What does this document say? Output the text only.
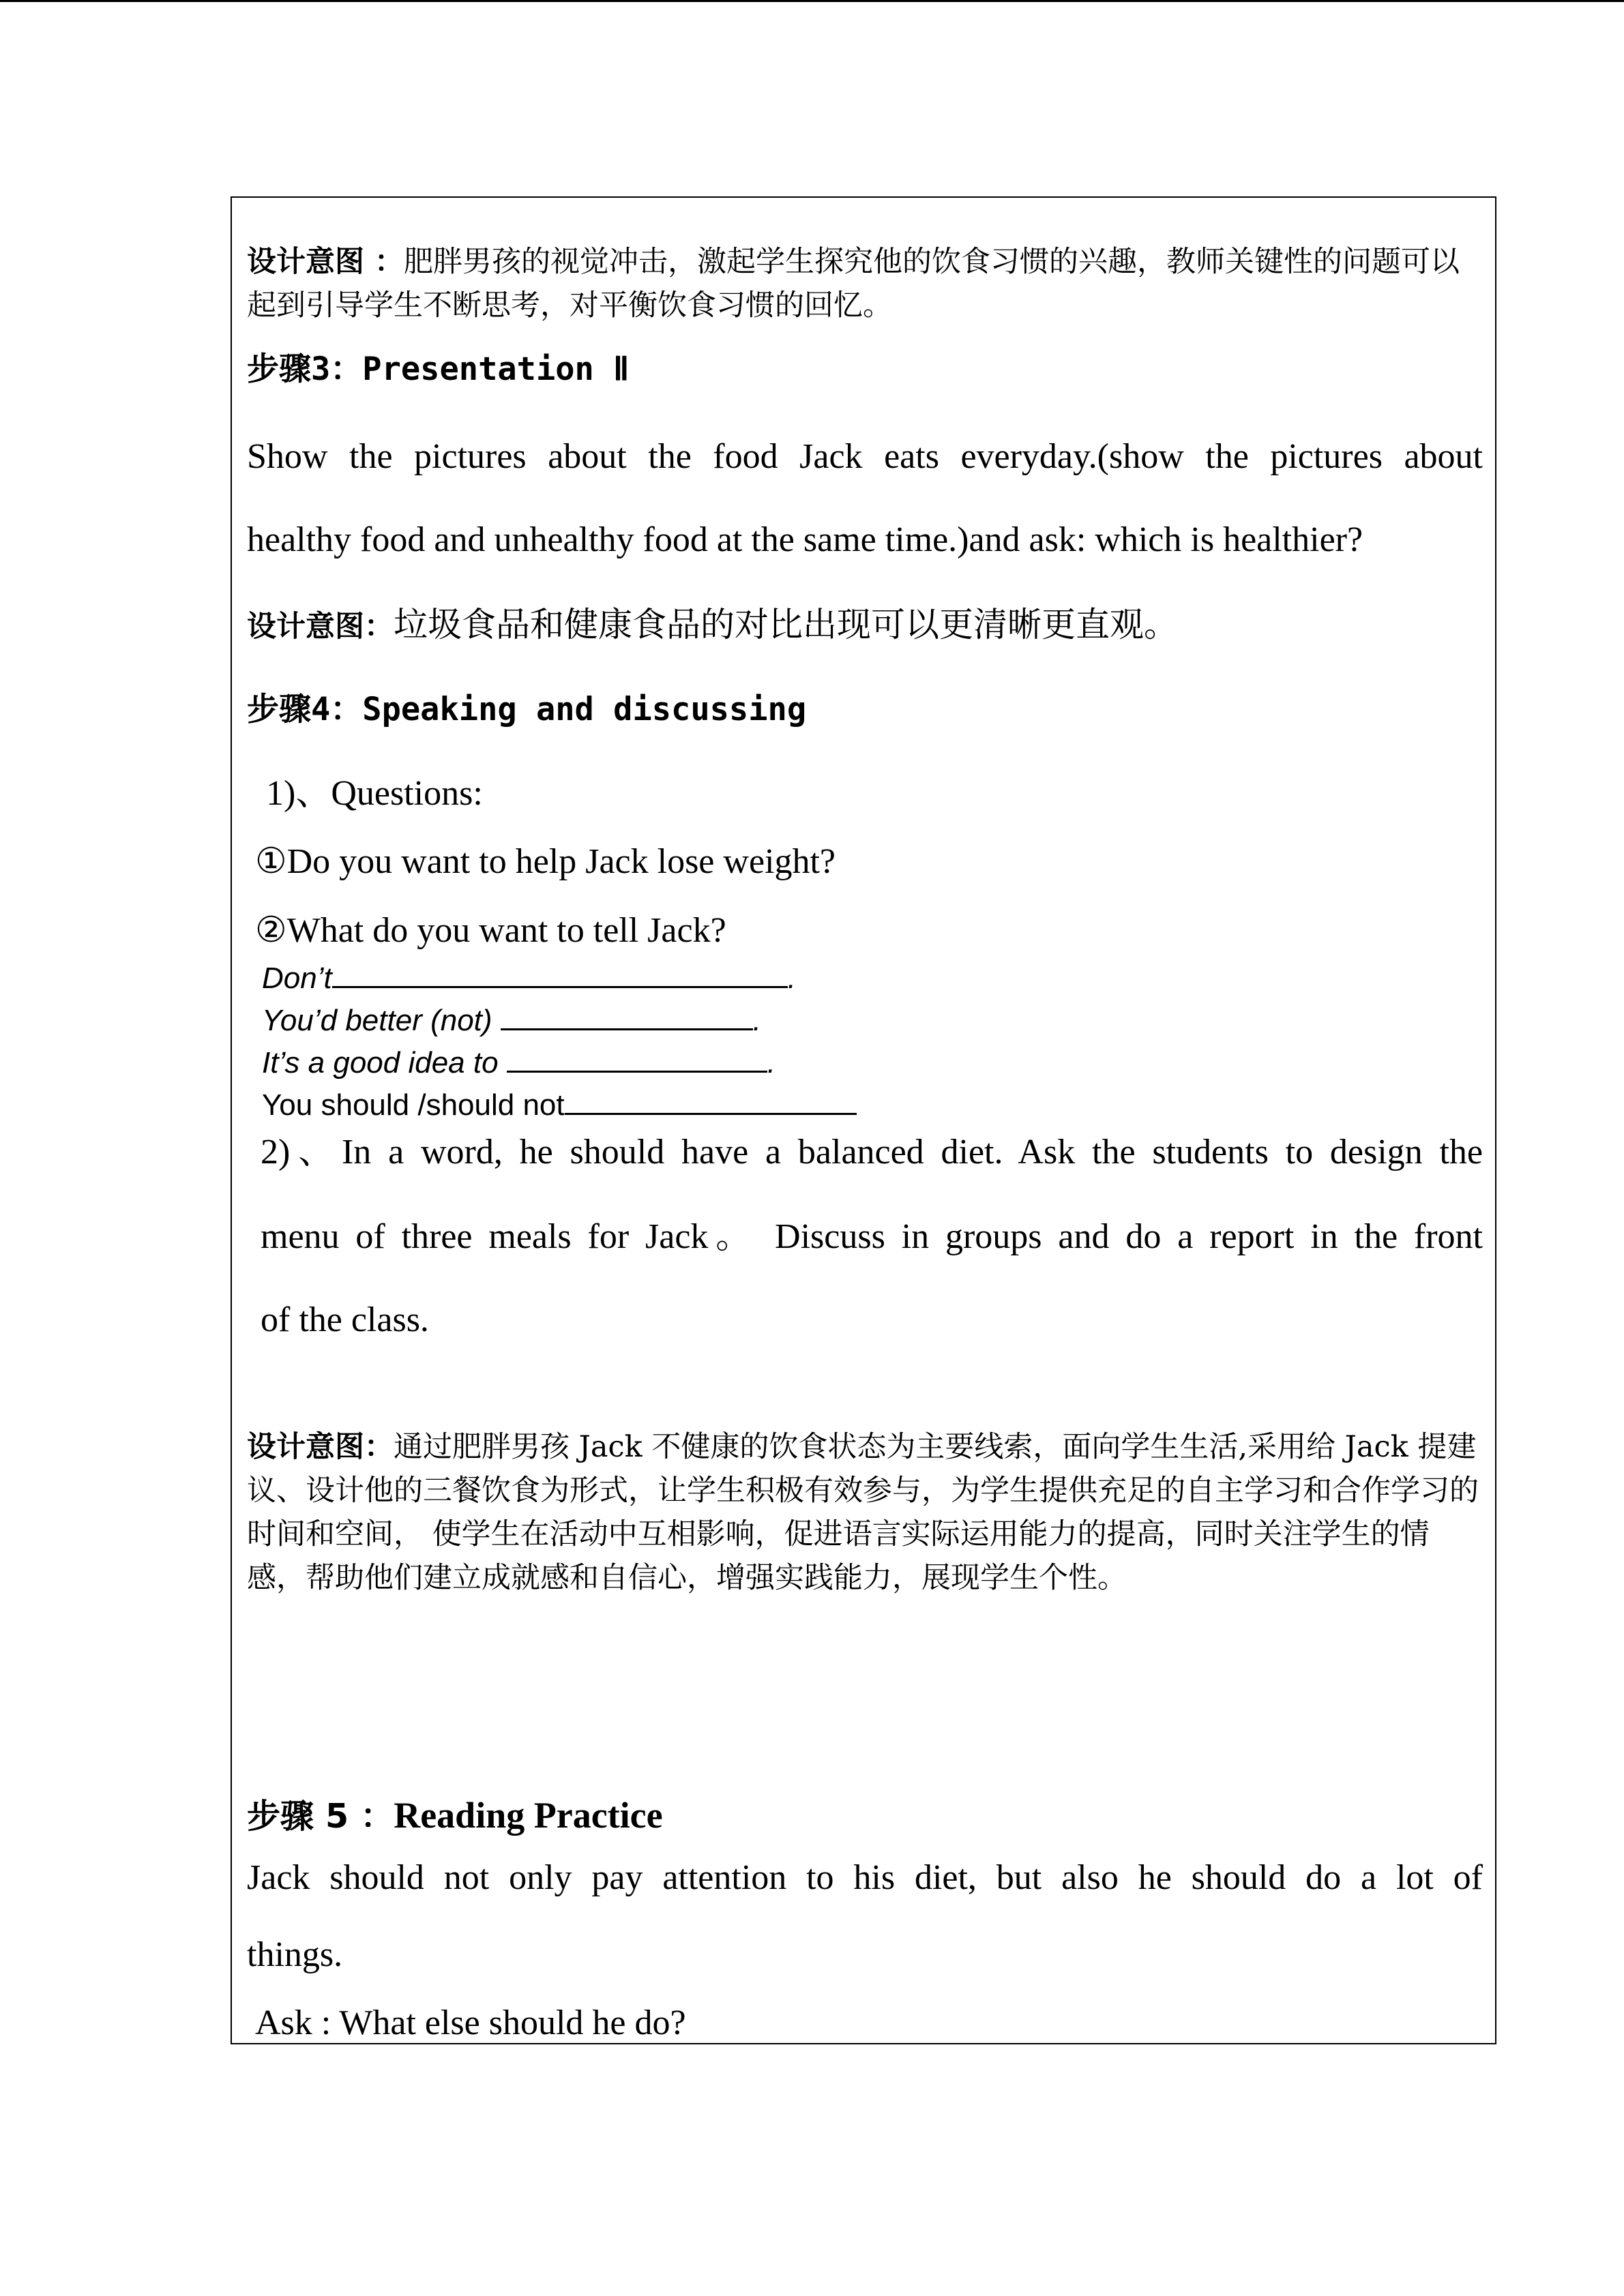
设计意图 ：肥胖男孩的视觉冲击，激起学生探究他的饮食习惯的兴趣，教师关键性的问题可以起到引导学生不断思考，对平衡饮食习惯的回忆。
步骤3：Presentation Ⅱ
Show the pictures about the food Jack eats everyday.(show the pictures about
healthy food and unhealthy food at the same time.)and ask: which is healthier?
设计意图：垃圾食品和健康食品的对比出现可以更清晰更直观。
步骤4：Speaking and discussing
1)、Questions:
①Do you want to help Jack lose weight?
②What do you want to tell Jack?
Don’t	.
You’d better (not)	.
It’s a good idea to	.
You should /should not
2)、In a word, he should have a balanced diet. Ask the students to design the
menu of three meals for Jack。 Discuss in groups and do a report in the front
of the class.
设计意图：通过肥胖男孩 Jack 不健康的饮食状态为主要线索，面向学生生活,采用给 Jack 提建议、设计他的三餐饮食为形式，让学生积极有效参与，为学生提供充足的自主学习和合作学习的时间和空间， 使学生在活动中互相影响，促进语言实际运用能力的提高，同时关注学生的情感，帮助他们建立成就感和自信心，增强实践能力，展现学生个性。
步骤 5 ：Reading Practice
Jack should not only pay attention to his diet, but also he should do a lot of
things.
Ask : What else should he do?
